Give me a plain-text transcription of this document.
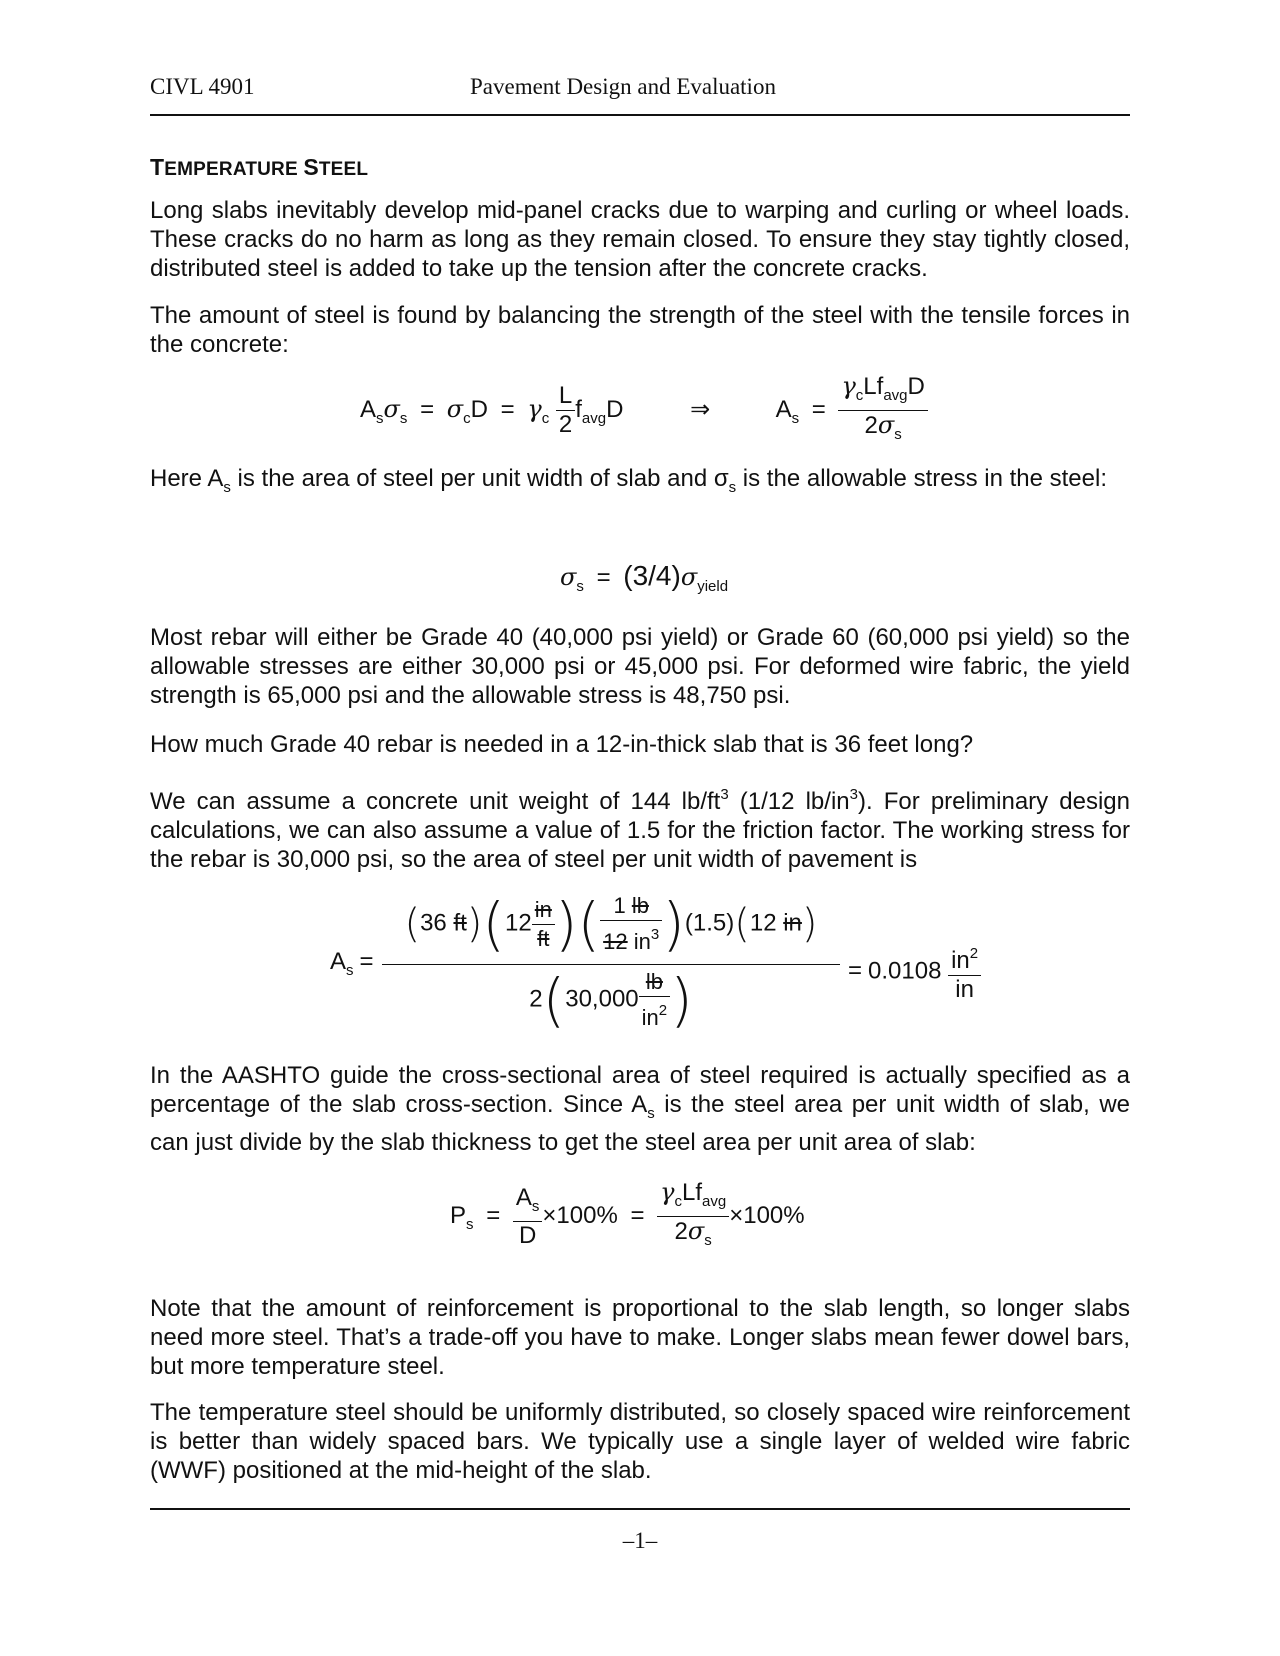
CIVL 4901	Pavement Design and Evaluation
TEMPERATURE STEEL
Long slabs inevitably develop mid-panel cracks due to warping and curling or wheel loads. These cracks do no harm as long as they remain closed. To ensure they stay tightly closed, distributed steel is added to take up the tension after the concrete cracks.
The amount of steel is found by balancing the strength of the steel with the tensile forces in the concrete:
$A_s\sigma_s = \sigma_cD = \gamma_c \frac{L}{2} f_{avg}D$	⇒	$A_s = \frac{\gamma_cLf_{avg}D}{2\sigma_s}$
Here $A_s$ is the area of steel per unit width of slab and $\sigma_s$ is the allowable stress in the steel:
$\sigma_s = (3/4)\sigma_{yield}$
Most rebar will either be Grade 40 (40,000 psi yield) or Grade 60 (60,000 psi yield) so the allowable stresses are either 30,000 psi or 45,000 psi. For deformed wire fabric, the yield strength is 65,000 psi and the allowable stress is 48,750 psi.
How much Grade 40 rebar is needed in a 12-in-thick slab that is 36 feet long?
We can assume a concrete unit weight of 144 $lb/ft^3$ (1/12 $lb/in^3$). For preliminary design calculations, we can also assume a value of 1.5 for the friction factor. The working stress for the rebar is 30,000 psi, so the area of steel per unit width of pavement is
$A_s$ =
(36 $ft)(12 \frac{in}{ft}$ )( $\frac{1 lb}{12 in^3} )(1.5)(12$ in)
$2(30,000 \frac{lb}{in^2}$ )	= $0.0108 \frac{in^2}{in}$
In the AASHTO guide the cross-sectional area of steel required is actually specified as a percentage of the slab cross-section. Since $A_s$ is the steel area per unit width of slab, we can just divide by the slab thickness to get the steel area per unit area of slab:
$P_s = \frac{A_s}{D} \times 100\% = \frac{\gamma_cLf_{avg}}{2\sigma_s} \times 100\%$
Note that the amount of reinforcement is proportional to the slab length, so longer slabs need more steel. That’s a trade-off you have to make. Longer slabs mean fewer dowel bars, but more temperature steel.
The temperature steel should be uniformly distributed, so closely spaced wire reinforcement is better than widely spaced bars. We typically use a single layer of welded wire fabric (WWF) positioned at the mid-height of the slab.
–1–
